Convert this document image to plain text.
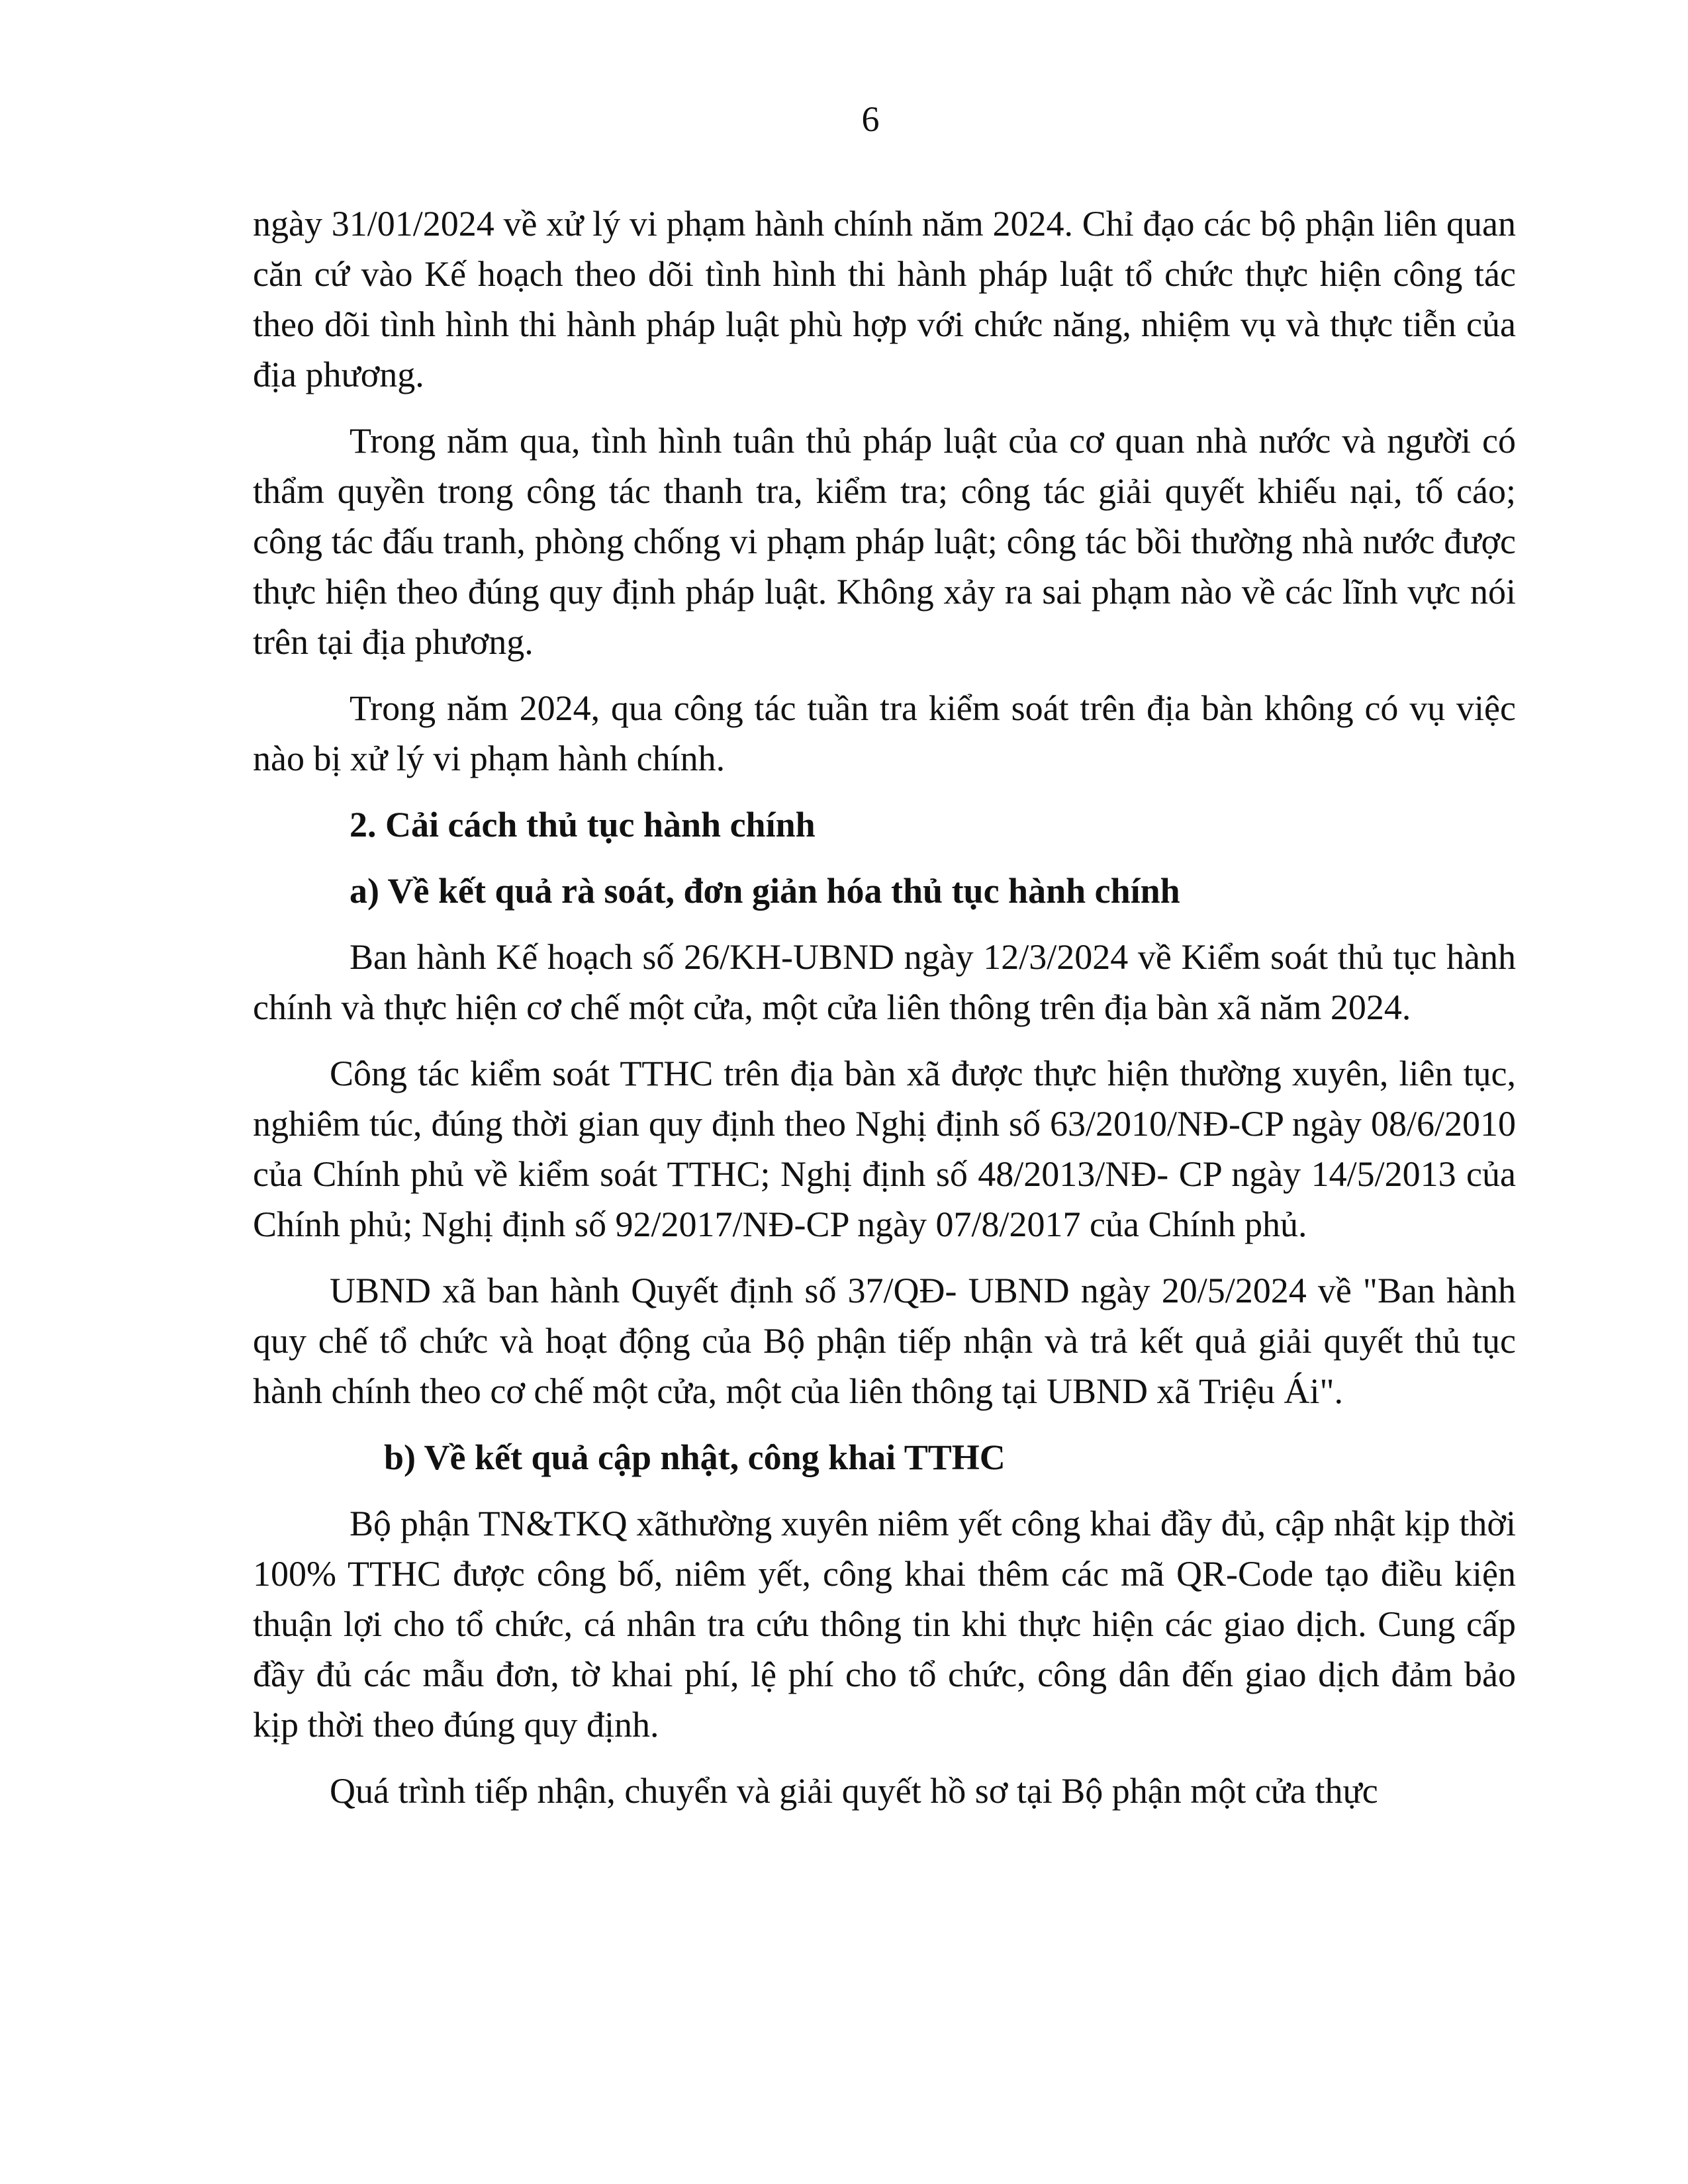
6

ngày 31/01/2024 về xử lý vi phạm hành chính năm 2024. Chỉ đạo các bộ phận liên quan căn cứ vào Kế hoạch theo dõi tình hình thi hành pháp luật tổ chức thực hiện công tác theo dõi tình hình thi hành pháp luật phù hợp với chức năng, nhiệm vụ và thực tiễn của địa phương.

Trong năm qua, tình hình tuân thủ pháp luật của cơ quan nhà nước và người có thẩm quyền trong công tác thanh tra, kiểm tra; công tác giải quyết khiếu nại, tố cáo; công tác đấu tranh, phòng chống vi phạm pháp luật; công tác bồi thường nhà nước được thực hiện theo đúng quy định pháp luật. Không xảy ra sai phạm nào về các lĩnh vực nói trên tại địa phương.

Trong năm 2024, qua công tác tuần tra kiểm soát trên địa bàn không có vụ việc nào bị xử lý vi phạm hành chính.

2. Cải cách thủ tục hành chính
a) Về kết quả rà soát, đơn giản hóa thủ tục hành chính

Ban hành Kế hoạch số 26/KH-UBND ngày 12/3/2024 về Kiểm soát thủ tục hành chính và thực hiện cơ chế một cửa, một cửa liên thông trên địa bàn xã năm 2024.

Công tác kiểm soát TTHC trên địa bàn xã được thực hiện thường xuyên, liên tục, nghiêm túc, đúng thời gian quy định theo Nghị định số 63/2010/NĐ-CP ngày 08/6/2010 của Chính phủ về kiểm soát TTHC; Nghị định số 48/2013/NĐ- CP ngày 14/5/2013 của Chính phủ; Nghị định số 92/2017/NĐ-CP ngày 07/8/2017 của Chính phủ.

UBND xã ban hành Quyết định số 37/QĐ- UBND ngày 20/5/2024 về "Ban hành quy chế tổ chức và hoạt động của Bộ phận tiếp nhận và trả kết quả giải quyết thủ tục hành chính theo cơ chế một cửa, một của liên thông tại UBND xã Triệu Ái".

b) Về kết quả cập nhật, công khai TTHC

Bộ phận TN&TKQ xãthường xuyên niêm yết công khai đầy đủ, cập nhật kịp thời 100% TTHC được công bố, niêm yết, công khai thêm các mã QR-Code tạo điều kiện thuận lợi cho tổ chức, cá nhân tra cứu thông tin khi thực hiện các giao dịch. Cung cấp đầy đủ các mẫu đơn, tờ khai phí, lệ phí cho tổ chức, công dân đến giao dịch đảm bảo kịp thời theo đúng quy định.

Quá trình tiếp nhận, chuyển và giải quyết hồ sơ tại Bộ phận một cửa thực
